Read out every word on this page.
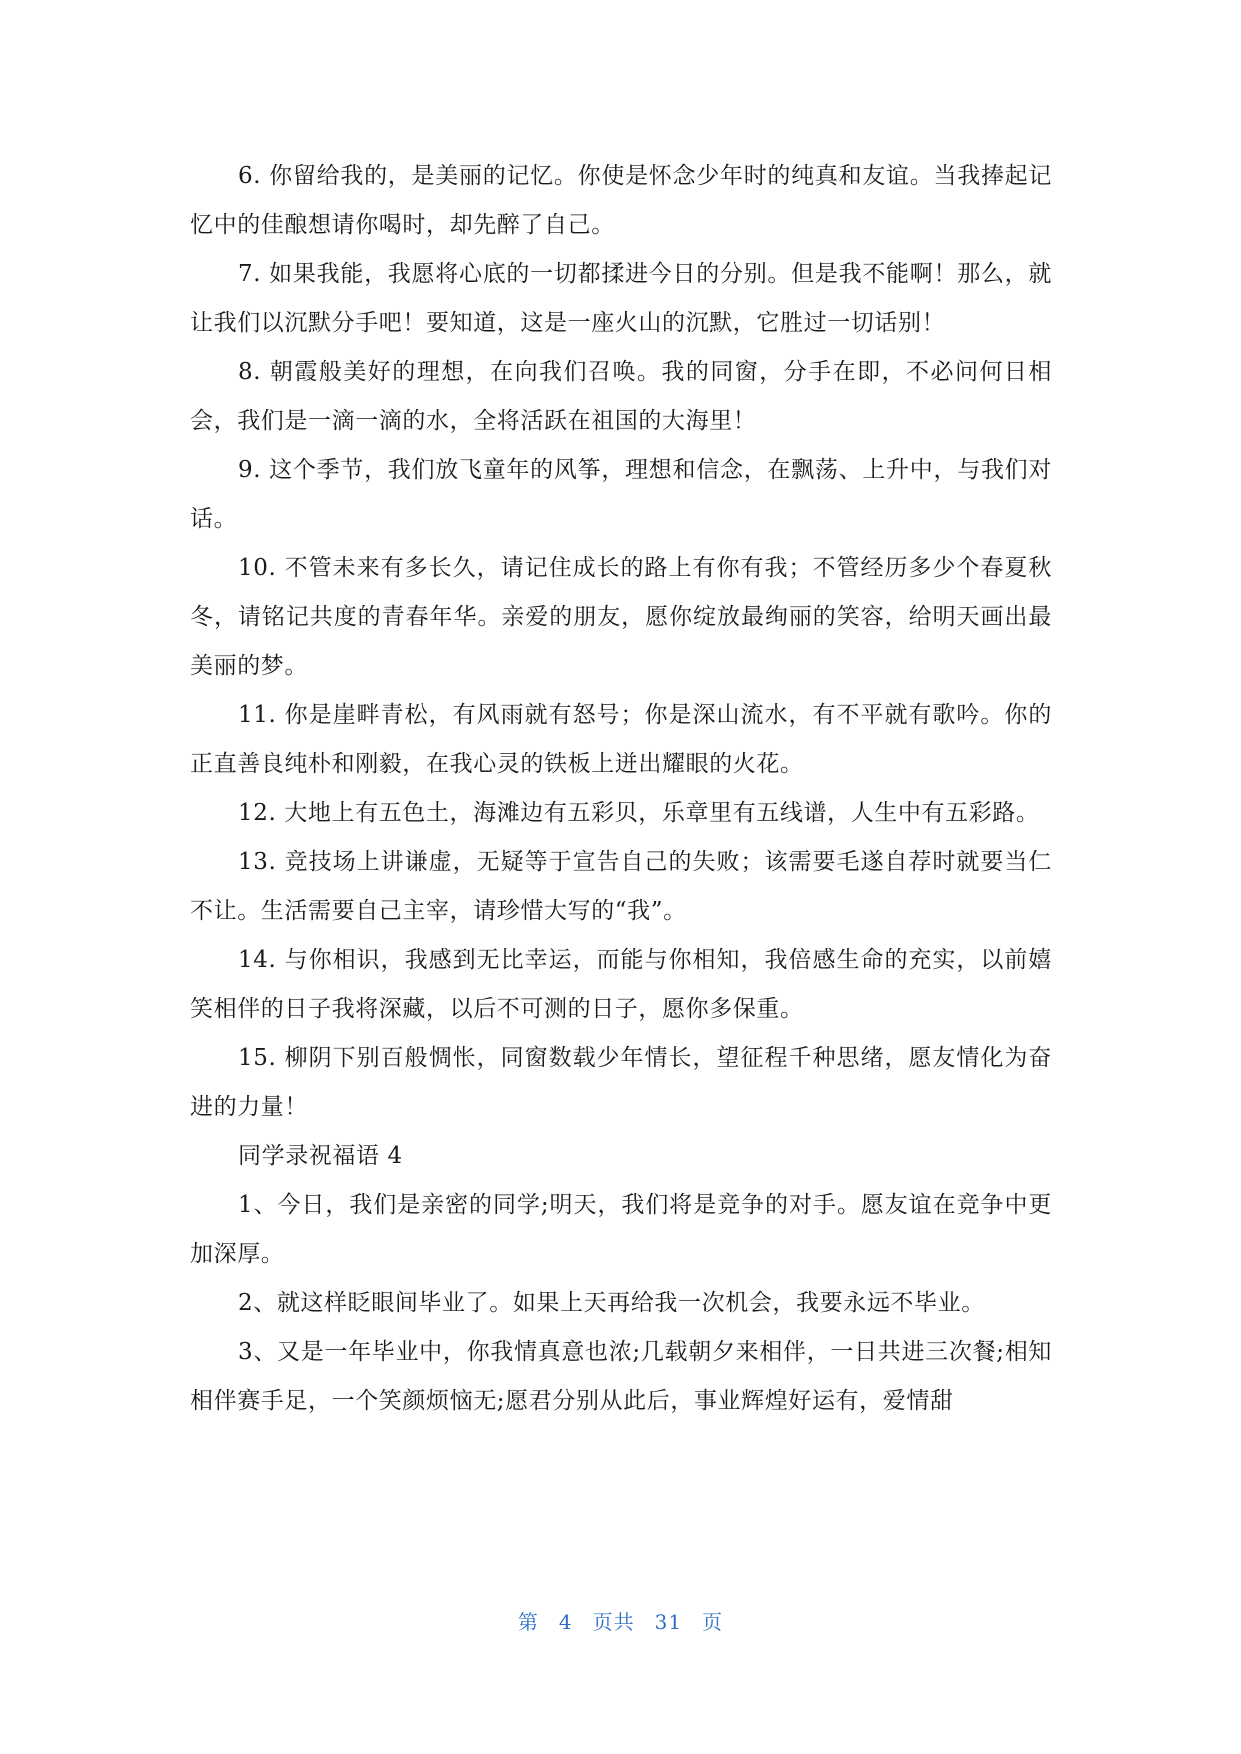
6. 你留给我的，是美丽的记忆。你使是怀念少年时的纯真和友谊。当我捧起记忆中的佳酿想请你喝时，却先醉了自己。

7. 如果我能，我愿将心底的一切都揉进今日的分别。但是我不能啊！那么，就让我们以沉默分手吧！要知道，这是一座火山的沉默，它胜过一切话别！

8. 朝霞般美好的理想，在向我们召唤。我的同窗，分手在即，不必问何日相会，我们是一滴一滴的水，全将活跃在祖国的大海里！

9. 这个季节，我们放飞童年的风筝，理想和信念，在飘荡、上升中，与我们对话。

10. 不管未来有多长久，请记住成长的路上有你有我；不管经历多少个春夏秋冬，请铭记共度的青春年华。亲爱的朋友，愿你绽放最绚丽的笑容，给明天画出最美丽的梦。

11. 你是崖畔青松，有风雨就有怒号；你是深山流水，有不平就有歌吟。你的正直善良纯朴和刚毅，在我心灵的铁板上迸出耀眼的火花。

12. 大地上有五色土，海滩边有五彩贝，乐章里有五线谱，人生中有五彩路。

13. 竞技场上讲谦虚，无疑等于宣告自己的失败；该需要毛遂自荐时就要当仁不让。生活需要自己主宰，请珍惜大写的“我”。

14. 与你相识，我感到无比幸运，而能与你相知，我倍感生命的充实，以前嬉笑相伴的日子我将深藏，以后不可测的日子，愿你多保重。

15. 柳阴下别百般惆怅，同窗数载少年情长，望征程千种思绪，愿友情化为奋进的力量！

同学录祝福语 4

1、今日，我们是亲密的同学;明天，我们将是竞争的对手。愿友谊在竞争中更加深厚。

2、就这样眨眼间毕业了。如果上天再给我一次机会，我要永远不毕业。

3、又是一年毕业中，你我情真意也浓;几载朝夕来相伴，一日共进三次餐;相知相伴赛手足，一个笑颜烦恼无;愿君分别从此后，事业辉煌好运有，爱情甜

第 4 页共 31 页
